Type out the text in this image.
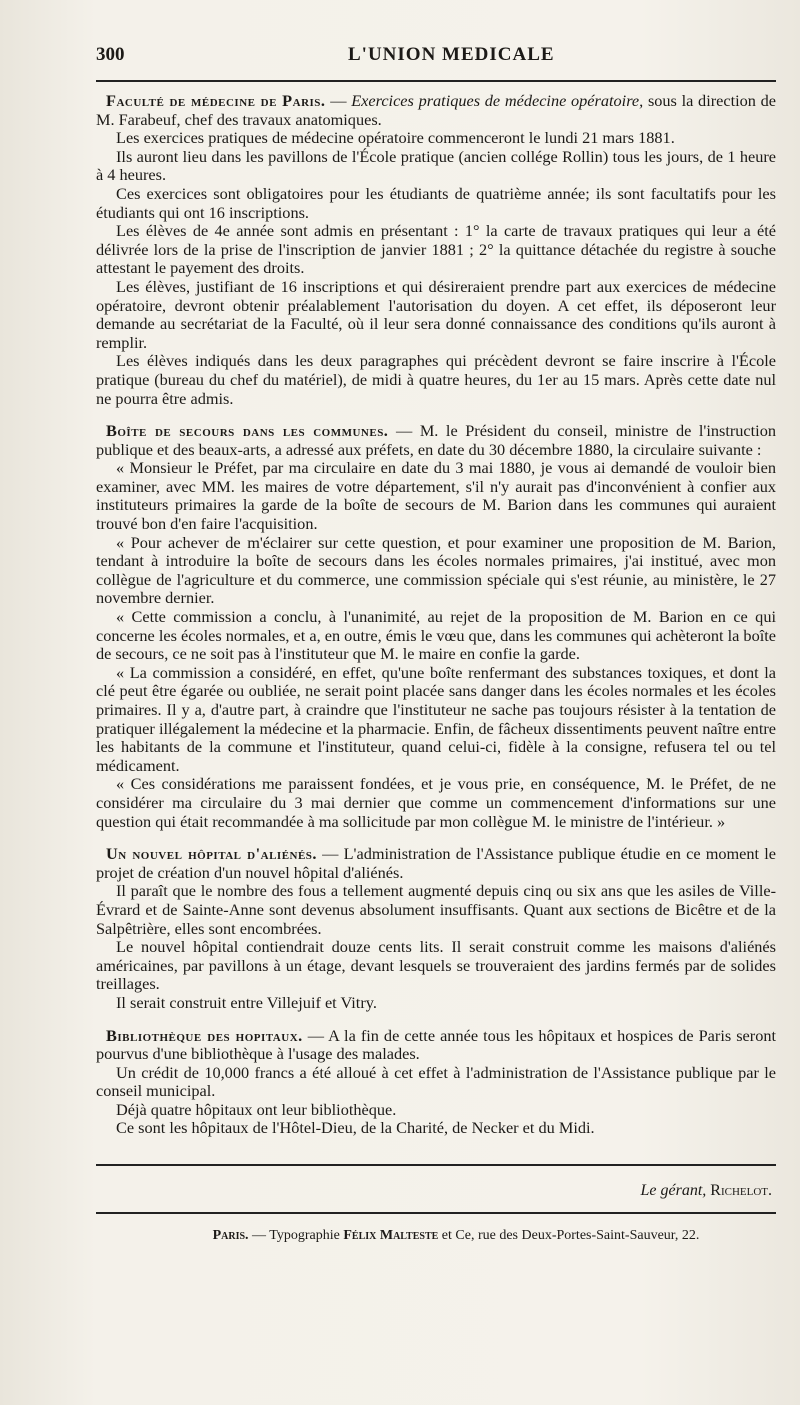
300	L'UNION MEDICALE

Faculté de médecine de Paris. — Exercices pratiques de médecine opératoire, sous la direction de M. Farabeuf, chef des travaux anatomiques.

Les exercices pratiques de médecine opératoire commenceront le lundi 21 mars 1881.

Ils auront lieu dans les pavillons de l'École pratique (ancien collége Rollin) tous les jours, de 1 heure à 4 heures.

Ces exercices sont obligatoires pour les étudiants de quatrième année; ils sont facultatifs pour les étudiants qui ont 16 inscriptions.

Les élèves de 4e année sont admis en présentant : 1° la carte de travaux pratiques qui leur a été délivrée lors de la prise de l'inscription de janvier 1881 ; 2° la quittance détachée du registre à souche attestant le payement des droits.

Les élèves, justifiant de 16 inscriptions et qui désireraient prendre part aux exercices de médecine opératoire, devront obtenir préalablement l'autorisation du doyen. A cet effet, ils déposeront leur demande au secrétariat de la Faculté, où il leur sera donné connaissance des conditions qu'ils auront à remplir.

Les élèves indiqués dans les deux paragraphes qui précèdent devront se faire inscrire à l'École pratique (bureau du chef du matériel), de midi à quatre heures, du 1er au 15 mars. Après cette date nul ne pourra être admis.

Boîte de secours dans les communes. — M. le Président du conseil, ministre de l'instruction publique et des beaux-arts, a adressé aux préfets, en date du 30 décembre 1880, la circulaire suivante :

« Monsieur le Préfet, par ma circulaire en date du 3 mai 1880, je vous ai demandé de vouloir bien examiner, avec MM. les maires de votre département, s'il n'y aurait pas d'inconvénient à confier aux instituteurs primaires la garde de la boîte de secours de M. Barion dans les communes qui auraient trouvé bon d'en faire l'acquisition.

« Pour achever de m'éclairer sur cette question, et pour examiner une proposition de M. Barion, tendant à introduire la boîte de secours dans les écoles normales primaires, j'ai institué, avec mon collègue de l'agriculture et du commerce, une commission spéciale qui s'est réunie, au ministère, le 27 novembre dernier.

« Cette commission a conclu, à l'unanimité, au rejet de la proposition de M. Barion en ce qui concerne les écoles normales, et a, en outre, émis le vœu que, dans les communes qui achèteront la boîte de secours, ce ne soit pas à l'instituteur que M. le maire en confie la garde.

« La commission a considéré, en effet, qu'une boîte renfermant des substances toxiques, et dont la clé peut être égarée ou oubliée, ne serait point placée sans danger dans les écoles normales et les écoles primaires. Il y a, d'autre part, à craindre que l'instituteur ne sache pas toujours résister à la tentation de pratiquer illégalement la médecine et la pharmacie. Enfin, de fâcheux dissentiments peuvent naître entre les habitants de la commune et l'instituteur, quand celui-ci, fidèle à la consigne, refusera tel ou tel médicament.

« Ces considérations me paraissent fondées, et je vous prie, en conséquence, M. le Préfet, de ne considérer ma circulaire du 3 mai dernier que comme un commencement d'informations sur une question qui était recommandée à ma sollicitude par mon collègue M. le ministre de l'intérieur. »

Un nouvel hôpital d'aliénés. — L'administration de l'Assistance publique étudie en ce moment le projet de création d'un nouvel hôpital d'aliénés.

Il paraît que le nombre des fous a tellement augmenté depuis cinq ou six ans que les asiles de Ville-Évrard et de Sainte-Anne sont devenus absolument insuffisants. Quant aux sections de Bicêtre et de la Salpêtrière, elles sont encombrées.

Le nouvel hôpital contiendrait douze cents lits. Il serait construit comme les maisons d'aliénés américaines, par pavillons à un étage, devant lesquels se trouveraient des jardins fermés par de solides treillages.

Il serait construit entre Villejuif et Vitry.

Bibliothèque des hopitaux. — A la fin de cette année tous les hôpitaux et hospices de Paris seront pourvus d'une bibliothèque à l'usage des malades.

Un crédit de 10,000 francs a été alloué à cet effet à l'administration de l'Assistance publique par le conseil municipal.

Déjà quatre hôpitaux ont leur bibliothèque.

Ce sont les hôpitaux de l'Hôtel-Dieu, de la Charité, de Necker et du Midi.

Le gérant, Richelot.
Paris. — Typographie Félix Malteste et Ce, rue des Deux-Portes-Saint-Sauveur, 22.
